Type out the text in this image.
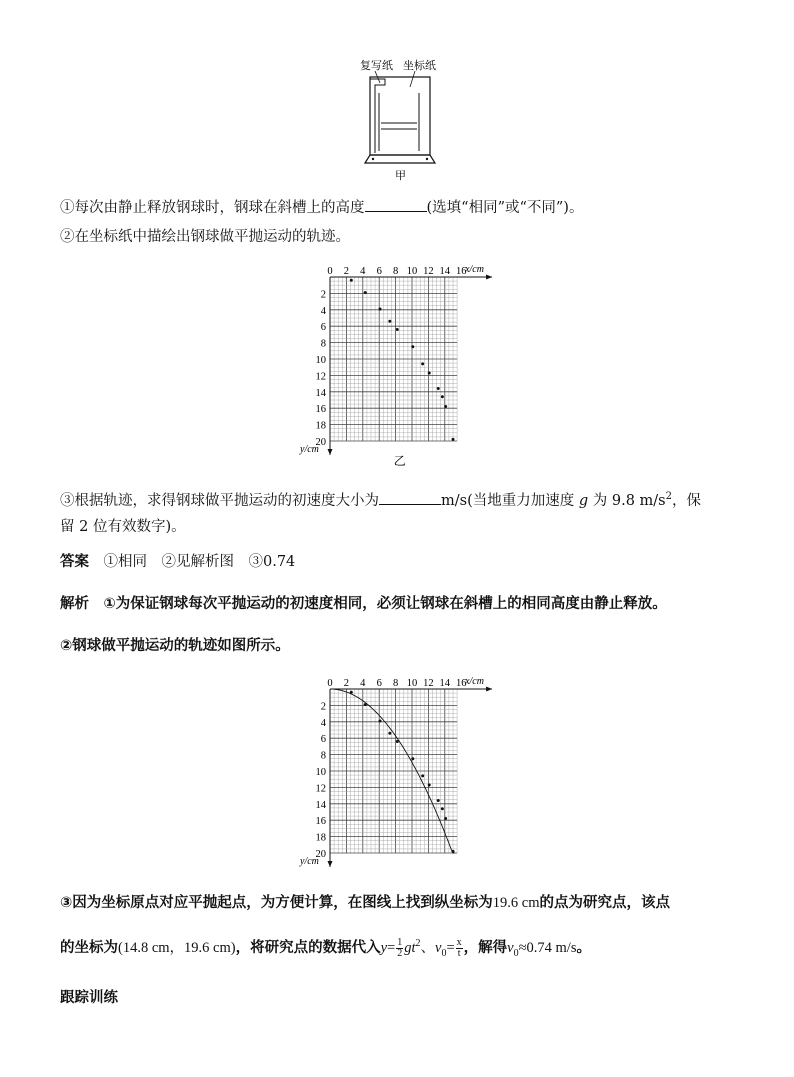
复写纸 坐标纸
甲
①每次由静止释放钢球时，钢球在斜槽上的高度	(选填“相同”或“不同”)。
②在坐标纸中描绘出钢球做平抛运动的轨迹。
0 2 4 6 8 10 12 14 16
2
4
6
8
10
12
14
16
18
20
x/cm
y/cm
乙
③根据轨迹，求得钢球做平抛运动的初速度大小为	m/s(当地重力加速度 g 为 9.8 $m/s^2$，保
留 2 位有效数字)。
答案　 ①相同　②见解析图　③0.74
解析　 ①为保证钢球每次平抛运动的初速度相同，必须让钢球在斜槽上的相同高度由静止释放。
②钢球做平抛运动的轨迹如图所示。
0 2 4 6 8 10 12 14 16
2
4
6
8
10
12
14
16
18
20
x/cm
y/cm
③因为坐标原点对应平抛起点，为方便计算，在图线上找到纵坐标为19.6 cm的点为研究点，该点
的坐标为(14.8 cm，19.6 cm)，将研究点的数据代入$y= \frac{1}{2} gt^2$、$v_0= \frac{x}{t}$ ，解得$v_0\approx 0.74$ m/s。
跟踪训练
